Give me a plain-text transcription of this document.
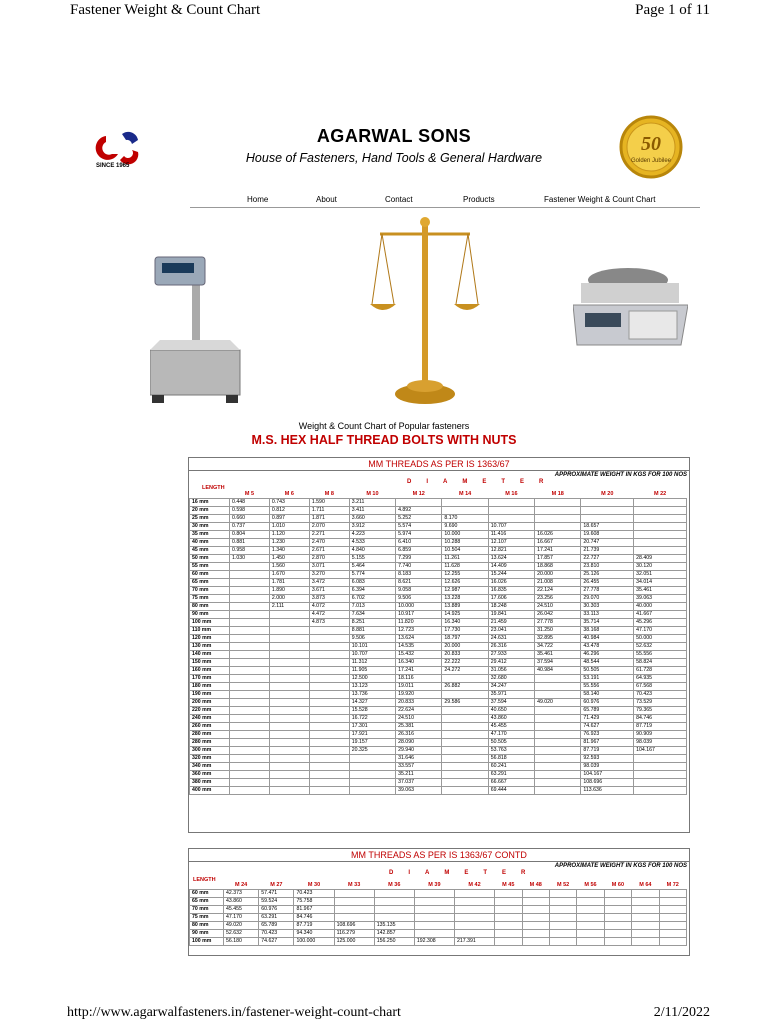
Fastener Weight & Count Chart	Page 1 of 11
SINCE 1965
AGARWAL SONS

House of Fasteners, Hand Tools & General Hardware

50
Golden Jubilee
Home	About	Contact	Products	Fastener Weight & Count Chart
Weight & Count Chart of Popular fasteners
M.S. HEX HALF THREAD BOLTS WITH NUTS
MM THREADS AS PER IS 1363/67
APPROXIMATE WEIGHT IN KGS FOR 100 NOS
DIAMETER
LENGTH
	M 5	M 6	M 8	M 10	M 12	M 14	M 16	M 18	M 20	M 22
16 mm	0.448	0.743	1.590	3.211						
20 mm	0.598	0.812	1.711	3.411	4.892					
25 mm	0.660	0.897	1.871	3.660	5.252	8.170				
30 mm	0.737	1.010	2.070	3.912	5.574	9.690	10.707		18.657	
35 mm	0.804	1.120	2.271	4.223	5.974	10.000	11.416	16.026	19.608	
40 mm	0.881	1.230	2.470	4.533	6.410	10.288	12.107	16.667	20.747	
45 mm	0.958	1.340	2.671	4.840	6.859	10.504	12.821	17.241	21.739	
50 mm	1.030	1.450	2.870	5.155	7.299	11.261	13.624	17.857	22.727	28.409
55 mm		1.560	3.071	5.464	7.740	11.628	14.409	18.868	23.810	30.120
60 mm		1.670	3.270	5.774	8.183	12.255	15.244	20.000	25.126	32.051
65 mm		1.781	3.472	6.083	8.621	12.626	16.026	21.008	26.455	34.014
70 mm		1.890	3.671	6.394	9.058	12.987	16.835	22.124	27.778	35.461
75 mm		2.000	3.873	6.702	9.506	13.228	17.606	23.256	29.070	39.063
80 mm		2.111	4.072	7.013	10.000	13.889	18.248	24.510	30.303	40.000
90 mm			4.472	7.634	10.917	14.925	19.841	26.042	33.113	41.667
100 mm			4.873	8.251	11.820	16.340	21.459	27.778	35.714	45.296
110 mm				8.881	12.723	17.730	23.041	31.250	38.168	47.170
120 mm				9.506	13.624	18.797	24.631	32.895	40.984	50.000
130 mm				10.101	14.535	20.000	26.316	34.722	43.478	52.632
140 mm				10.707	15.432	20.833	27.933	35.461	46.296	55.556
150 mm				11.312	16.340	22.222	29.412	37.594	48.544	58.824
160 mm				11.905	17.241	24.272	31.056	40.984	50.505	61.728
170 mm				12.500	18.116		32.680		53.191	64.935
180 mm				13.123	19.011	26.882	34.247		55.556	67.568
190 mm				13.736	19.920		35.971		58.140	70.423
200 mm				14.327	20.833	29.586	37.594	49.020	60.976	73.529
220 mm				15.528	22.624		40.650		65.789	79.365
240 mm				16.722	24.510		43.860		71.429	84.746
260 mm				17.301	25.381		45.455		74.627	87.719
280 mm				17.921	26.316		47.170		76.923	90.909
280 mm				19.157	28.090		50.505		81.967	98.039
300 mm				20.325	29.940		53.763		87.719	104.167
320 mm					31.646		56.818		92.593	
340 mm					33.557		60.241		98.039	
360 mm					35.211		63.291		104.167	
380 mm					37.037		66.667		108.696	
400 mm					39.063		69.444		113.636	
MM THREADS AS PER IS 1363/67 CONTD
APPROXIMATE WEIGHT IN KGS FOR 100 NOS
DIAMETER
LENGTH
	M 24	M 27	M 30	M 33	M 36	M 39	M 42	M 45	M 48	M 52	M 56	M 60	M 64	M 72
60 mm	42.373	57.471	70.423											
65 mm	43.860	59.524	75.758											
70 mm	45.455	60.976	81.967											
75 mm	47.170	63.291	84.746											
80 mm	49.020	65.789	87.719	108.696	135.135									
90 mm	52.632	70.423	94.340	116.279	142.857									
100 mm	56.180	74.627	100.000	125.000	156.250	192.308	217.391							
http://www.agarwalfasteners.in/fastener-weight-count-chart	2/11/2022
